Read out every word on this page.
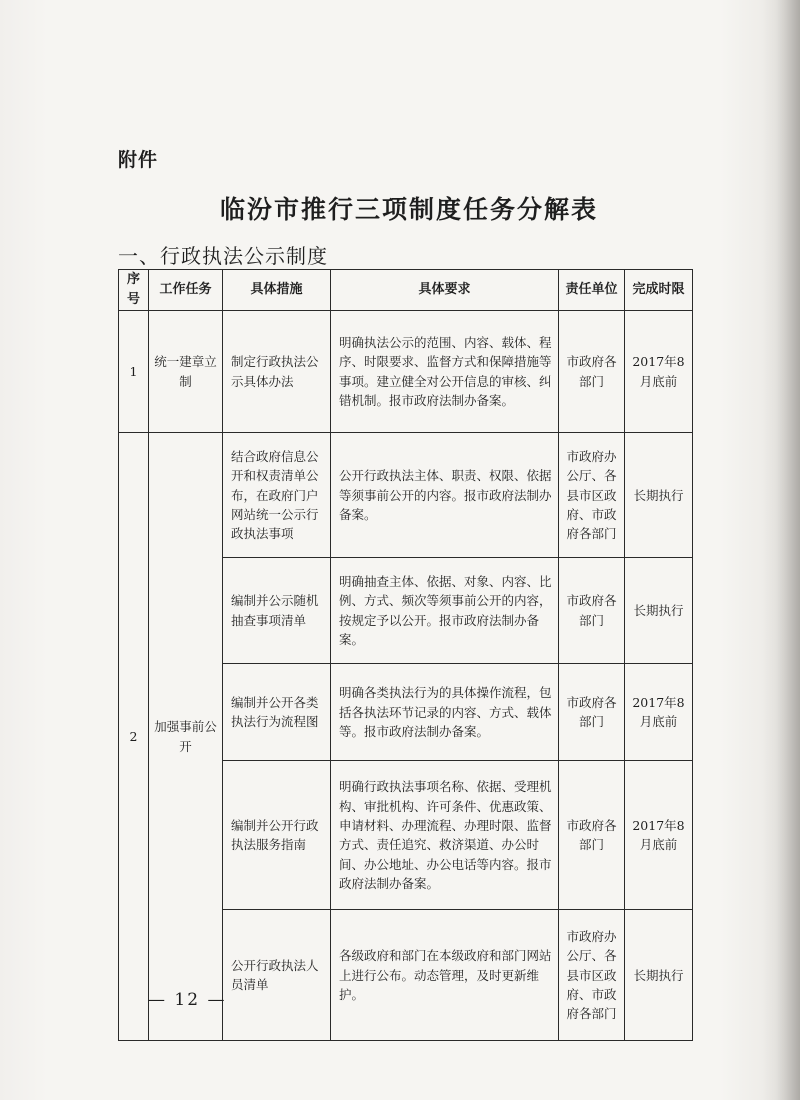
附件
临汾市推行三项制度任务分解表
一、行政执法公示制度
序号	工作任务	具体措施	具体要求	责任单位	完成时限
1	统一建章立制	制定行政执法公示具体办法	明确执法公示的范围、内容、载体、程序、时限要求、监督方式和保障措施等事项。建立健全对公开信息的审核、纠错机制。报市政府法制办备案。	市政府各部门	2017年8月底前
2	加强事前公开	结合政府信息公开和权责清单公布，在政府门户网站统一公示行政执法事项	公开行政执法主体、职责、权限、依据等须事前公开的内容。报市政府法制办备案。	市政府办公厅、各县市区政府、市政府各部门	长期执行
		编制并公示随机抽查事项清单	明确抽查主体、依据、对象、内容、比例、方式、频次等须事前公开的内容，按规定予以公开。报市政府法制办备案。	市政府各部门	长期执行
		编制并公开各类执法行为流程图	明确各类执法行为的具体操作流程，包括各执法环节记录的内容、方式、载体等。报市政府法制办备案。	市政府各部门	2017年8月底前
		编制并公开行政执法服务指南	明确行政执法事项名称、依据、受理机构、审批机构、许可条件、优惠政策、申请材料、办理流程、办理时限、监督方式、责任追究、救济渠道、办公时间、办公地址、办公电话等内容。报市政府法制办备案。	市政府各部门	2017年8月底前
		公开行政执法人员清单	各级政府和部门在本级政府和部门网站上进行公布。动态管理，及时更新维护。	市政府办公厅、各县市区政府、市政府各部门	长期执行
— 12 —
